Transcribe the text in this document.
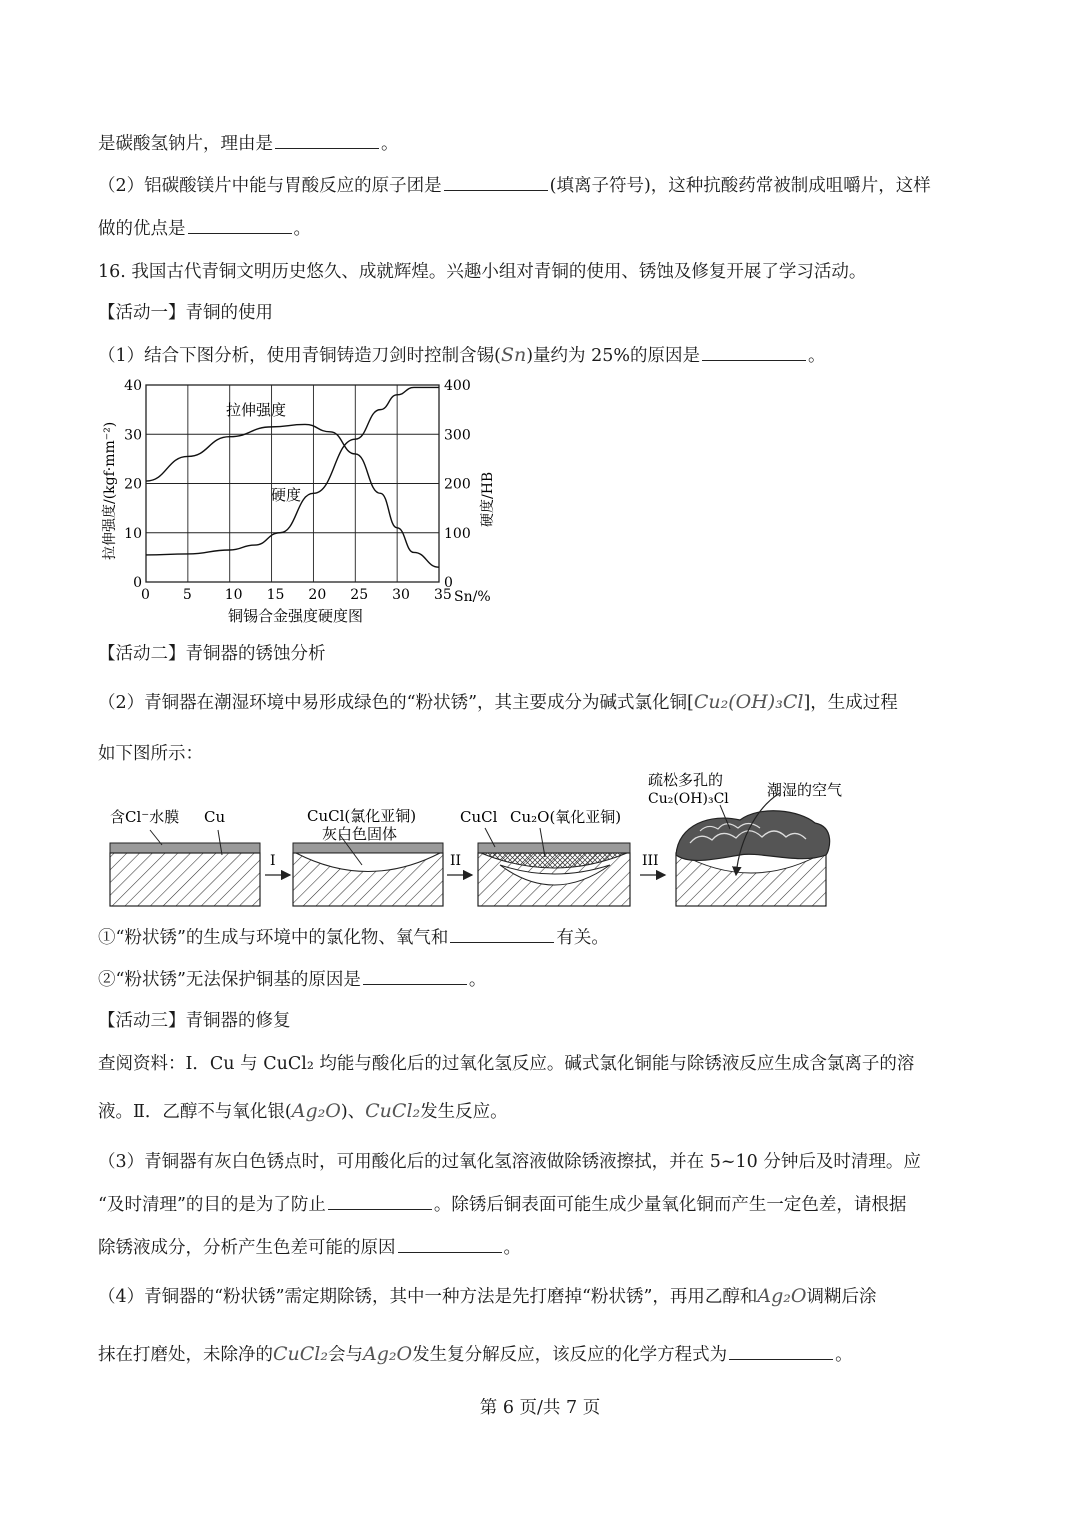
是碳酸氢钠片，理由是	。
（2）铝碳酸镁片中能与胃酸反应的原子团是	(填离子符号)，这种抗酸药常被制成咀嚼片，这样
做的优点是	。
16. 我国古代青铜文明历史悠久、成就辉煌。兴趣小组对青铜的使用、锈蚀及修复开展了学习活动。
【活动一】青铜的使用
（1）结合下图分析，使用青铜铸造刀剑时控制含锡(Sn)量约为 25%的原因是	。
0 5 10 15 20 25 30 35
0
10
20
30
40
0
100
200
300
400
拉伸强度
硬度
Sn/%
铜锡合金强度硬度图
拉伸强度/(kgf·mm⁻²)	硬度/HB
【活动二】青铜器的锈蚀分析
（2）青铜器在潮湿环境中易形成绿色的“粉状锈”，其主要成分为碱式氯化铜[Cu₂(OH)₃Cl]，生成过程
如下图所示：
含Cl⁻水膜 Cu
I
CuCl(氯化亚铜)
灰白色固体
II
CuCl Cu₂O(氧化亚铜)
III
疏松多孔的
Cu₂(OH)₃Cl	潮湿的空气
①“粉状锈”的生成与环境中的氯化物、氧气和	有关。
②“粉状锈”无法保护铜基的原因是	。
【活动三】青铜器的修复
查阅资料：Ⅰ．Cu 与 CuCl₂ 均能与酸化后的过氧化氢反应。碱式氯化铜能与除锈液反应生成含氯离子的溶
液。Ⅱ．乙醇不与氧化银(Ag₂O)、CuCl₂发生反应。
（3）青铜器有灰白色锈点时，可用酸化后的过氧化氢溶液做除锈液擦拭，并在 5~10 分钟后及时清理。应
“及时清理”的目的是为了防止	。除锈后铜表面可能生成少量氧化铜而产生一定色差，请根据
除锈液成分，分析产生色差可能的原因	。
（4）青铜器的“粉状锈”需定期除锈，其中一种方法是先打磨掉“粉状锈”，再用乙醇和Ag₂O调糊后涂
抹在打磨处，未除净的CuCl₂会与Ag₂O发生复分解反应，该反应的化学方程式为	。
第 6 页/共 7 页
